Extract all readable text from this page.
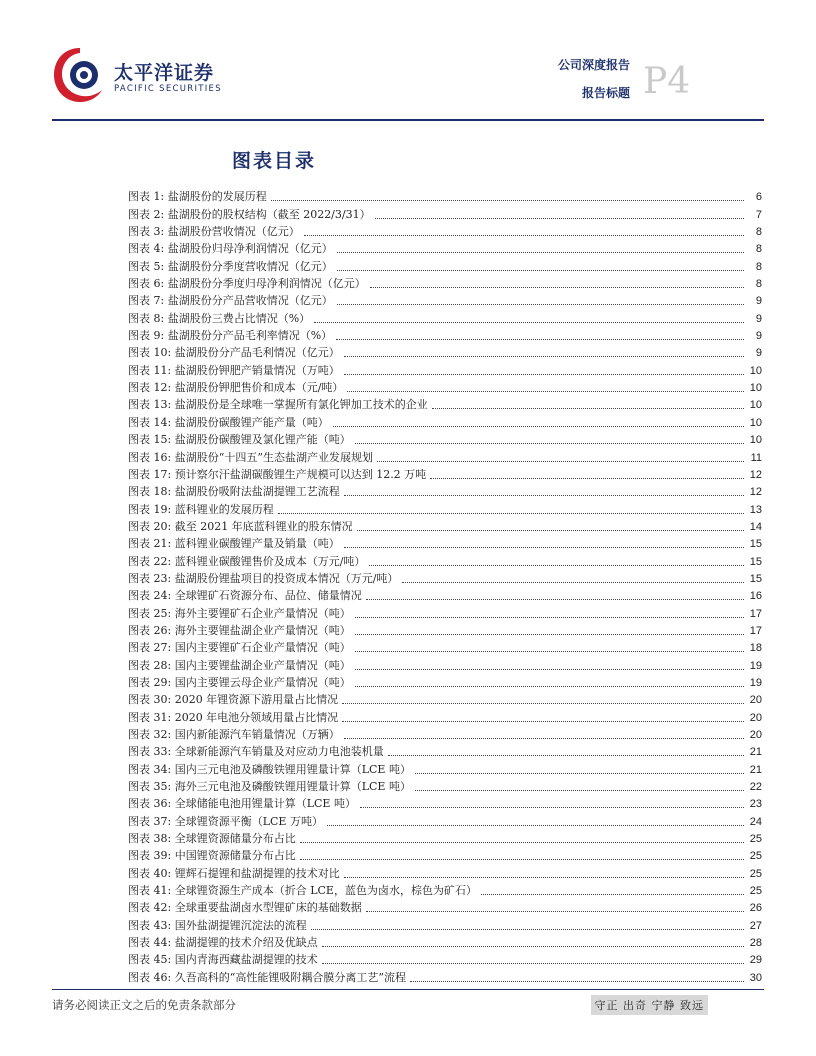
太平洋证券
PACIFIC SECURITIES
公司深度报告
报告标题 P4
图表目录
图表 1: 盐湖股份的发展历程	6
图表 2: 盐湖股份的股权结构（截至 2022/3/31）	7
图表 3: 盐湖股份营收情况（亿元）	8
图表 4: 盐湖股份归母净利润情况（亿元）	8
图表 5: 盐湖股份分季度营收情况（亿元）	8
图表 6: 盐湖股份分季度归母净利润情况（亿元）	8
图表 7: 盐湖股份分产品营收情况（亿元）	9
图表 8: 盐湖股份三费占比情况（%）	9
图表 9: 盐湖股份分产品毛利率情况（%）	9
图表 10: 盐湖股份分产品毛利情况（亿元）	9
图表 11: 盐湖股份钾肥产销量情况（万吨）	10
图表 12: 盐湖股份钾肥售价和成本（元/吨）	10
图表 13: 盐湖股份是全球唯一掌握所有氯化钾加工技术的企业	10
图表 14: 盐湖股份碳酸锂产能产量（吨）	10
图表 15: 盐湖股份碳酸锂及氯化锂产能（吨）	10
图表 16: 盐湖股份“十四五”生态盐湖产业发展规划	11
图表 17: 预计察尔汗盐湖碳酸锂生产规模可以达到 12.2 万吨	12
图表 18: 盐湖股份吸附法盐湖提锂工艺流程	12
图表 19: 蓝科锂业的发展历程	13
图表 20: 截至 2021 年底蓝科锂业的股东情况	14
图表 21: 蓝科锂业碳酸锂产量及销量（吨）	15
图表 22: 蓝科锂业碳酸锂售价及成本（万元/吨）	15
图表 23: 盐湖股份锂盐项目的投资成本情况（万元/吨）	15
图表 24: 全球锂矿石资源分布、品位、储量情况	16
图表 25: 海外主要锂矿石企业产量情况（吨）	17
图表 26: 海外主要锂盐湖企业产量情况（吨）	17
图表 27: 国内主要锂矿石企业产量情况（吨）	18
图表 28: 国内主要锂盐湖企业产量情况（吨）	19
图表 29: 国内主要锂云母企业产量情况（吨）	19
图表 30: 2020 年锂资源下游用量占比情况	20
图表 31: 2020 年电池分领域用量占比情况	20
图表 32: 国内新能源汽车销量情况（万辆）	20
图表 33: 全球新能源汽车销量及对应动力电池装机量	21
图表 34: 国内三元电池及磷酸铁锂用锂量计算（LCE 吨）	21
图表 35: 海外三元电池及磷酸铁锂用锂量计算（LCE 吨）	22
图表 36: 全球储能电池用锂量计算（LCE 吨）	23
图表 37: 全球锂资源平衡（LCE 万吨）	24
图表 38: 全球锂资源储量分布占比	25
图表 39: 中国锂资源储量分布占比	25
图表 40: 锂辉石提锂和盐湖提锂的技术对比	25
图表 41: 全球锂资源生产成本（折合 LCE，蓝色为卤水，棕色为矿石）	25
图表 42: 全球重要盐湖卤水型锂矿床的基础数据	26
图表 43: 国外盐湖提锂沉淀法的流程	27
图表 44: 盐湖提锂的技术介绍及优缺点	28
图表 45: 国内青海西藏盐湖提锂的技术	29
图表 46: 久吾高科的“高性能锂吸附耦合膜分离工艺”流程	30
请务必阅读正文之后的免责条款部分	守正 出奇 宁静 致远
